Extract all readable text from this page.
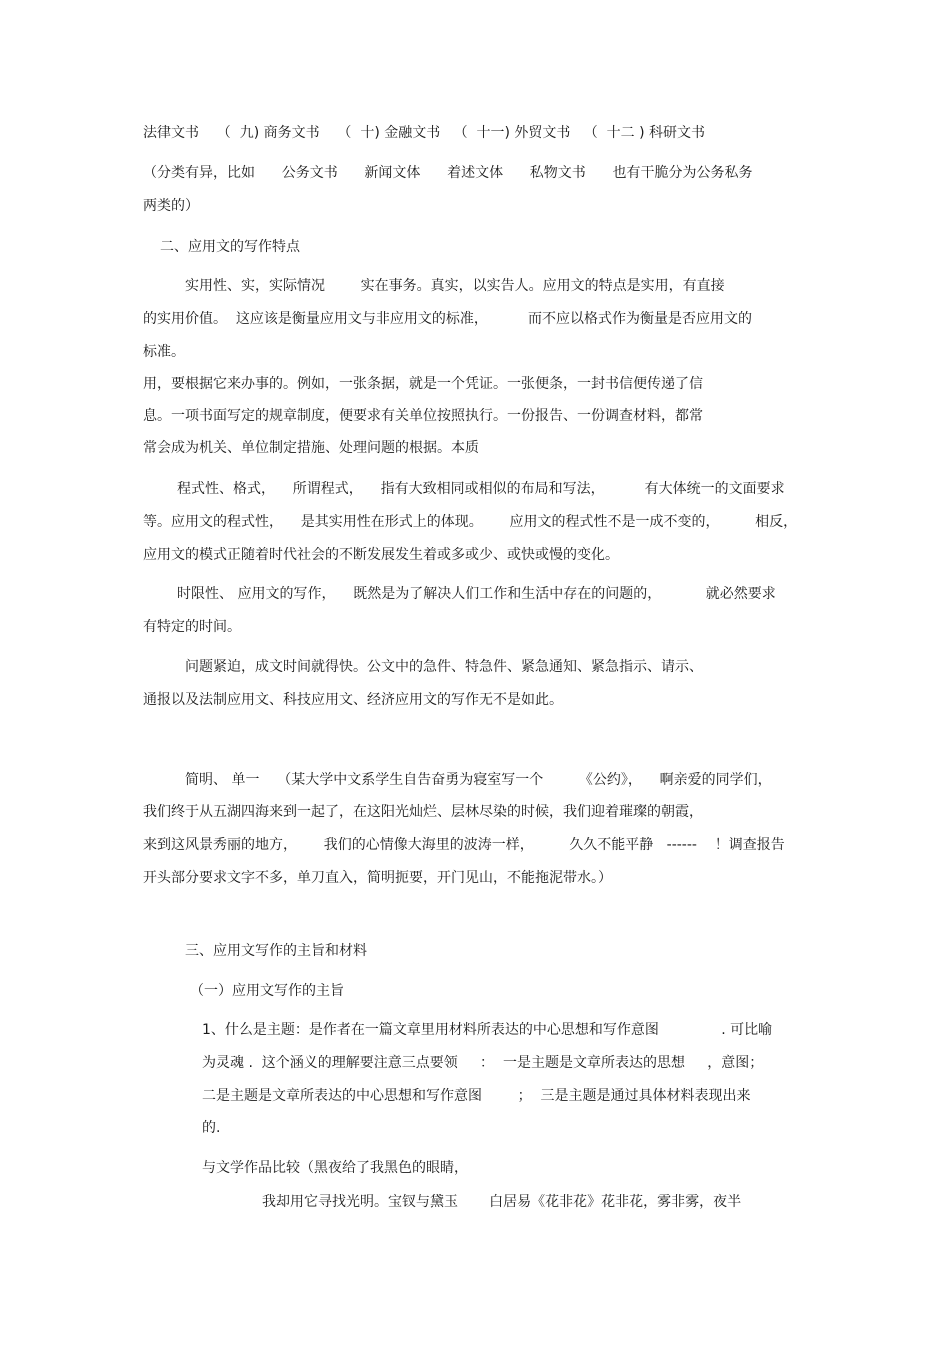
法律文书    （  九) 商务文书    （  十) 金融文书   （  十一) 外贸文书   （  十二 ) 科研文书
（分类有异，比如      公务文书      新闻文体      着述文体      私物文书      也有干脆分为公务私务
两类的）
二、应用文的写作特点
实用性、实，实际情况        实在事务。真实，以实告人。应用文的特点是实用，有直接
的实用价值。  这应该是衡量应用文与非应用文的标准，         而不应以格式作为衡量是否应用文的
标准。
用，要根据它来办事的。例如，一张条据，就是一个凭证。一张便条，一封书信便传递了信
息。一项书面写定的规章制度，便要求有关单位按照执行。一份报告、一份调查材料，都常
常会成为机关、单位制定措施、处理问题的根据。本质
程式性、格式，    所谓程式，    指有大致相同或相似的布局和写法，         有大体统一的文面要求
等。应用文的程式性，    是其实用性在形式上的体现。      应用文的程式性不是一成不变的，        相反，
应用文的模式正随着时代社会的不断发展发生着或多或少、或快或慢的变化。
时限性、 应用文的写作，    既然是为了解决人们工作和生活中存在的问题的，          就必然要求
有特定的时间。
问题紧迫，成文时间就得快。公文中的急件、特急件、紧急通知、紧急指示、请示、
通报以及法制应用文、科技应用文、经济应用文的写作无不是如此。
简明、 单一    （某大学中文系学生自告奋勇为寝室写一个        《公约》，    啊亲爱的同学们，
我们终于从五湖四海来到一起了，在这阳光灿烂、层林尽染的时候，我们迎着璀璨的朝霞，
来到这风景秀丽的地方，      我们的心情像大海里的波涛一样，        久久不能平静   ------    ！调查报告
开头部分要求文字不多，单刀直入，简明扼要，开门见山，不能拖泥带水。）
三、应用文写作的主旨和材料
（一）应用文写作的主旨
1、什么是主题：是作者在一篇文章里用材料所表达的中心思想和写作意图              . 可比喻
为灵魂 .  这个涵义的理解要注意三点要领     ：  一是主题是文章所表达的思想     ，意图；
二是主题是文章所表达的中心思想和写作意图        ；  三是主题是通过具体材料表现出来
的.
与文学作品比较（黑夜给了我黑色的眼睛，
我却用它寻找光明。宝钗与黛玉       白居易《花非花》花非花，雾非雾，夜半
